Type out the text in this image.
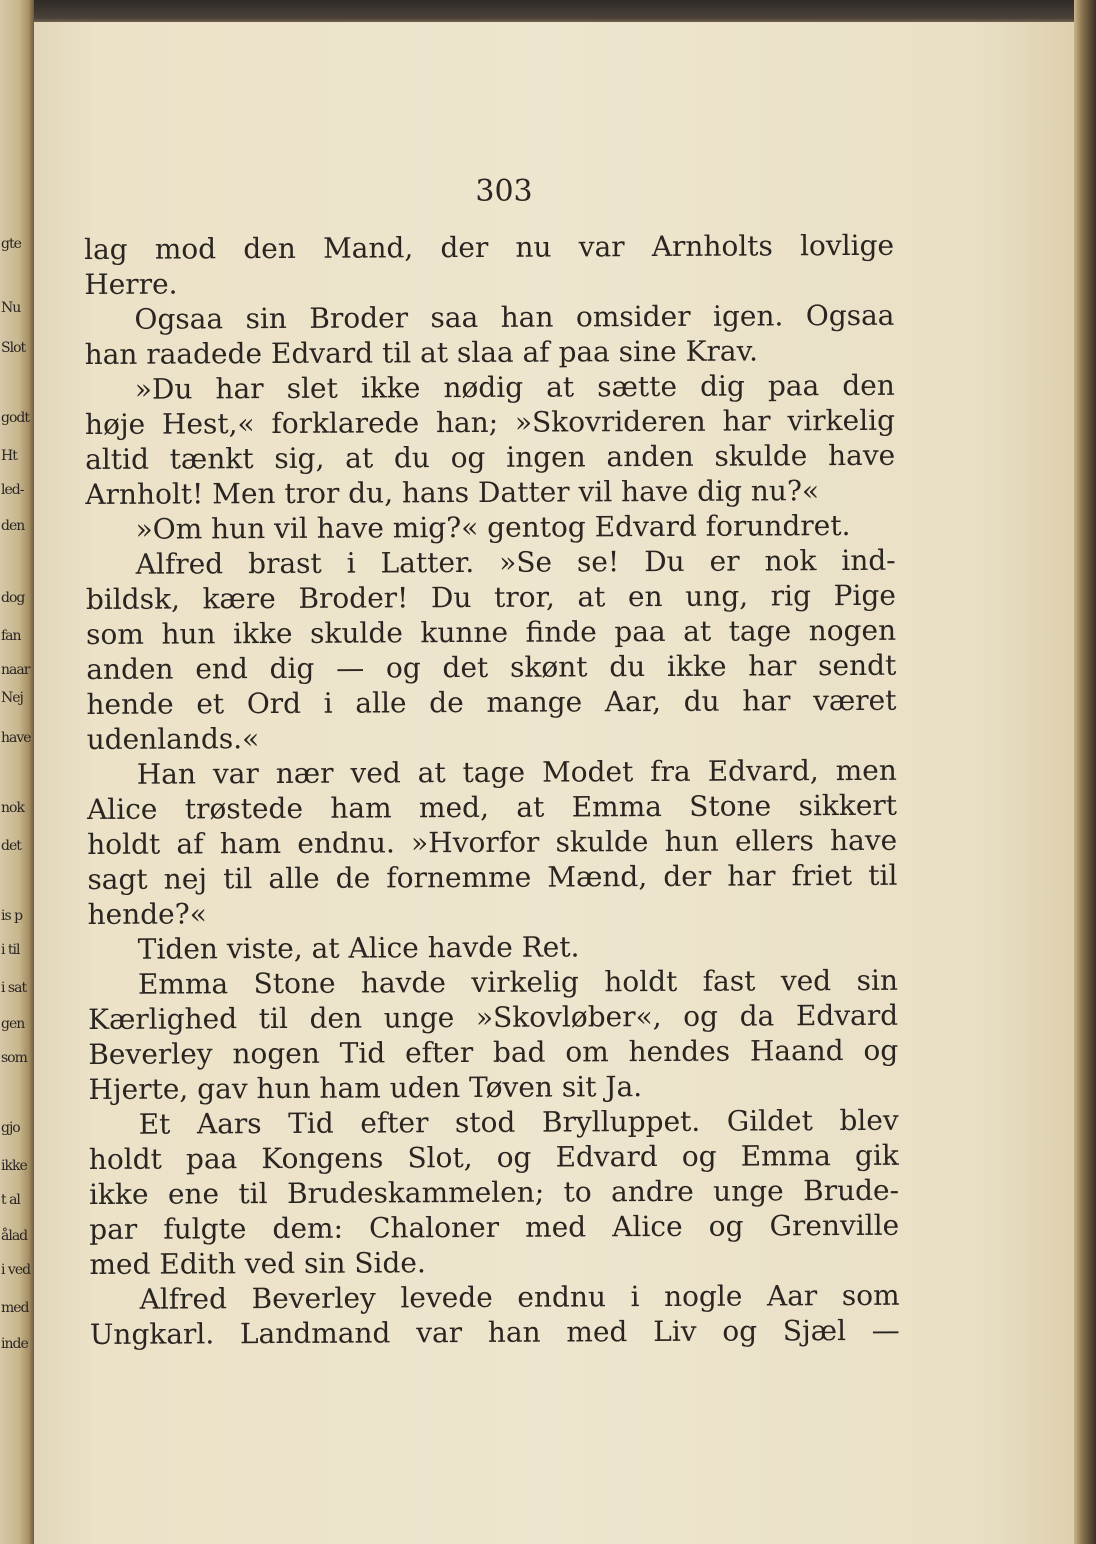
gte
Nu
Slot
godt
Ht
led-
den
dog
fan
naar
Nej
have
nok
det
is p
i til
i sat
gen
som
gjo
ikke
t al
ålad
i ved
med
inde
303
lag mod den Mand, der nu var Arnholts lovlige
Herre.
Ogsaa sin Broder saa han omsider igen. Ogsaa
han raadede Edvard til at slaa af paa sine Krav.
»Du har slet ikke nødig at sætte dig paa den
høje Hest,« forklarede han; »Skovrideren har virkelig
altid tænkt sig, at du og ingen anden skulde have
Arnholt! Men tror du, hans Datter vil have dig nu?«
»Om hun vil have mig?« gentog Edvard forundret.
Alfred brast i Latter. »Se se! Du er nok ind-
bildsk, kære Broder! Du tror, at en ung, rig Pige
som hun ikke skulde kunne finde paa at tage nogen
anden end dig — og det skønt du ikke har sendt
hende et Ord i alle de mange Aar, du har været
udenlands.«
Han var nær ved at tage Modet fra Edvard, men
Alice trøstede ham med, at Emma Stone sikkert
holdt af ham endnu. »Hvorfor skulde hun ellers have
sagt nej til alle de fornemme Mænd, der har friet til
hende?«
Tiden viste, at Alice havde Ret.
Emma Stone havde virkelig holdt fast ved sin
Kærlighed til den unge »Skovløber«, og da Edvard
Beverley nogen Tid efter bad om hendes Haand og
Hjerte, gav hun ham uden Tøven sit Ja.
Et Aars Tid efter stod Brylluppet. Gildet blev
holdt paa Kongens Slot, og Edvard og Emma gik
ikke ene til Brudeskammelen; to andre unge Brude-
par fulgte dem: Chaloner med Alice og Grenville
med Edith ved sin Side.
Alfred Beverley levede endnu i nogle Aar som
Ungkarl. Landmand var han med Liv og Sjæl —
